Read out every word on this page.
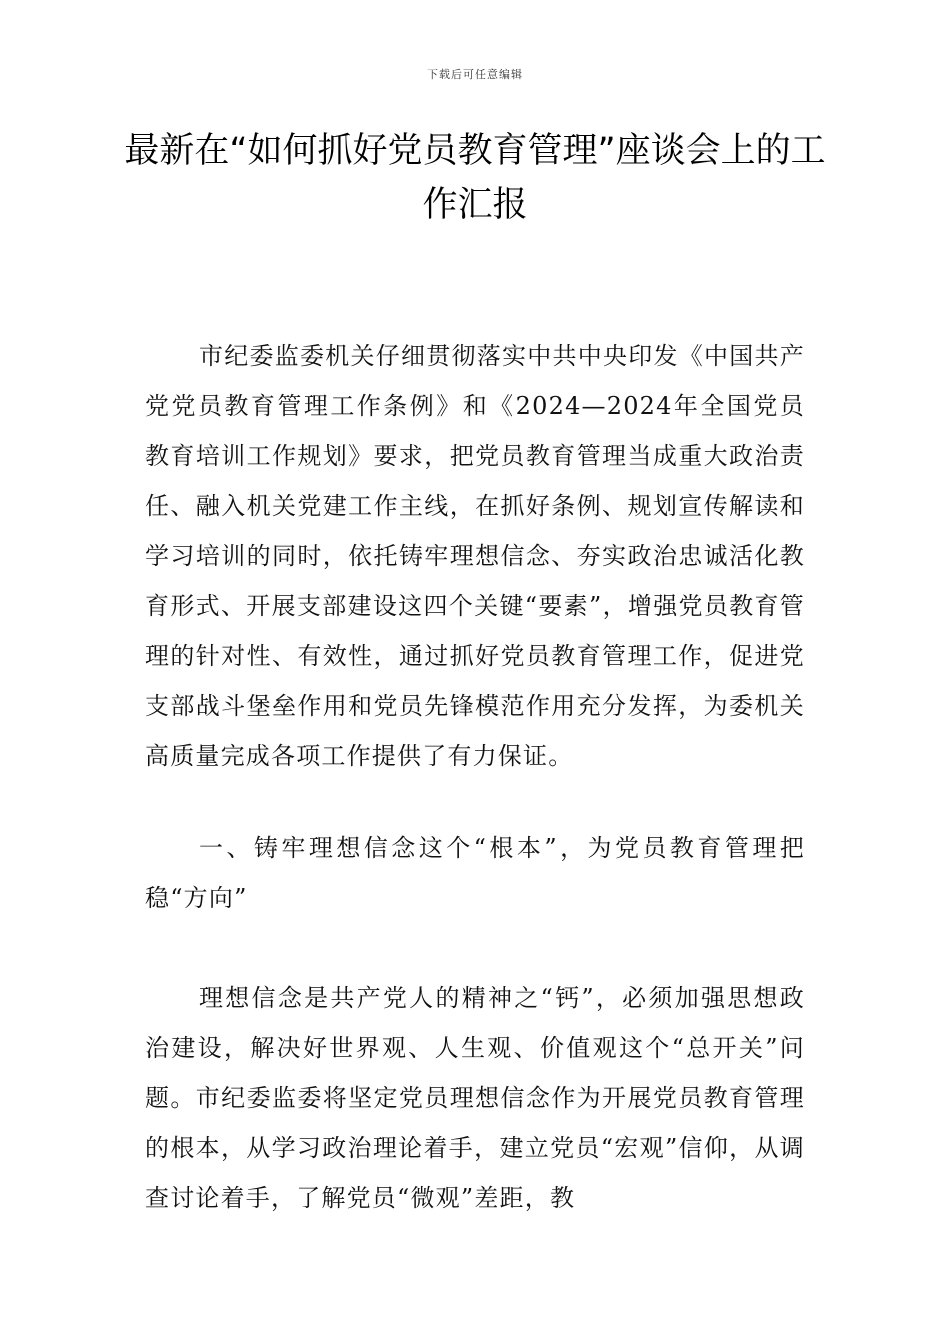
下载后可任意编辑
最新在“如何抓好党员教育管理”座谈会上的工作汇报

市纪委监委机关仔细贯彻落实中共中央印发《中国共产党党员教育管理工作条例》和《2024—2024年全国党员教育培训工作规划》要求，把党员教育管理当成重大政治责任、融入机关党建工作主线，在抓好条例、规划宣传解读和学习培训的同时，依托铸牢理想信念、夯实政治忠诚活化教育形式、开展支部建设这四个关键“要素”，增强党员教育管理的针对性、有效性，通过抓好党员教育管理工作，促进党支部战斗堡垒作用和党员先锋模范作用充分发挥，为委机关高质量完成各项工作提供了有力保证。

一、铸牢理想信念这个“根本”，为党员教育管理把稳“方向”

理想信念是共产党人的精神之“钙”，必须加强思想政治建设，解决好世界观、人生观、价值观这个“总开关”问题。市纪委监委将坚定党员理想信念作为开展党员教育管理的根本，从学习政治理论着手，建立党员“宏观”信仰，从调查讨论着手，了解党员“微观”差距，教
